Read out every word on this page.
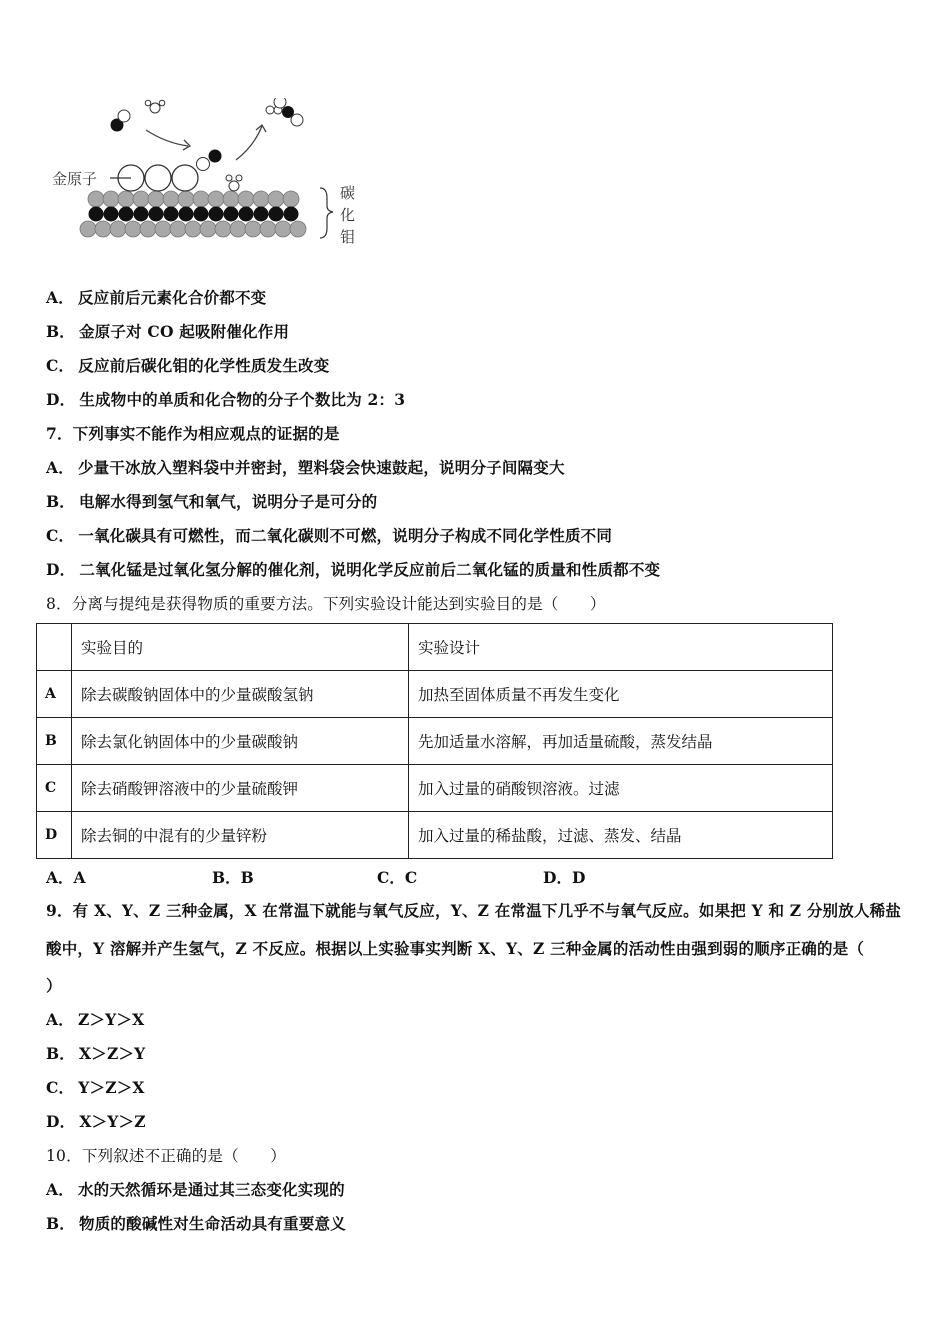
金原子
碳
化
钼
A． 反应前后元素化合价都不变
B． 金原子对 CO 起吸附催化作用
C． 反应前后碳化钼的化学性质发生改变
D． 生成物中的单质和化合物的分子个数比为 2：3
7．下列事实不能作为相应观点的证据的是
A． 少量干冰放入塑料袋中并密封，塑料袋会快速鼓起，说明分子间隔变大
B． 电解水得到氢气和氧气，说明分子是可分的
C． 一氧化碳具有可燃性，而二氧化碳则不可燃，说明分子构成不同化学性质不同
D． 二氧化锰是过氧化氢分解的催化剂，说明化学反应前后二氧化锰的质量和性质都不变
8．分离与提纯是获得物质的重要方法。下列实验设计能达到实验目的是（　　）
	实验目的	实验设计
A	除去碳酸钠固体中的少量碳酸氢钠	加热至固体质量不再发生变化
B	除去氯化钠固体中的少量碳酸钠	先加适量水溶解，再加适量硫酸，蒸发结晶
C	除去硝酸钾溶液中的少量硫酸钾	加入过量的硝酸钡溶液。过滤
D	除去铜的中混有的少量锌粉	加入过量的稀盐酸，过滤、蒸发、结晶
A．A	B．B	C．C	D．D
9．有 X、Y、Z 三种金属，X 在常温下就能与氧气反应，Y、Z 在常温下几乎不与氧气反应。如果把 Y 和 Z 分别放人稀盐
酸中，Y 溶解并产生氢气，Z 不反应。根据以上实验事实判断 X、Y、Z 三种金属的活动性由强到弱的顺序正确的是（
）
A． Z＞Y＞X
B． X＞Z＞Y
C． Y＞Z＞X
D． X＞Y＞Z
10．下列叙述不正确的是（　　）
A． 水的天然循环是通过其三态变化实现的
B． 物质的酸碱性对生命活动具有重要意义
